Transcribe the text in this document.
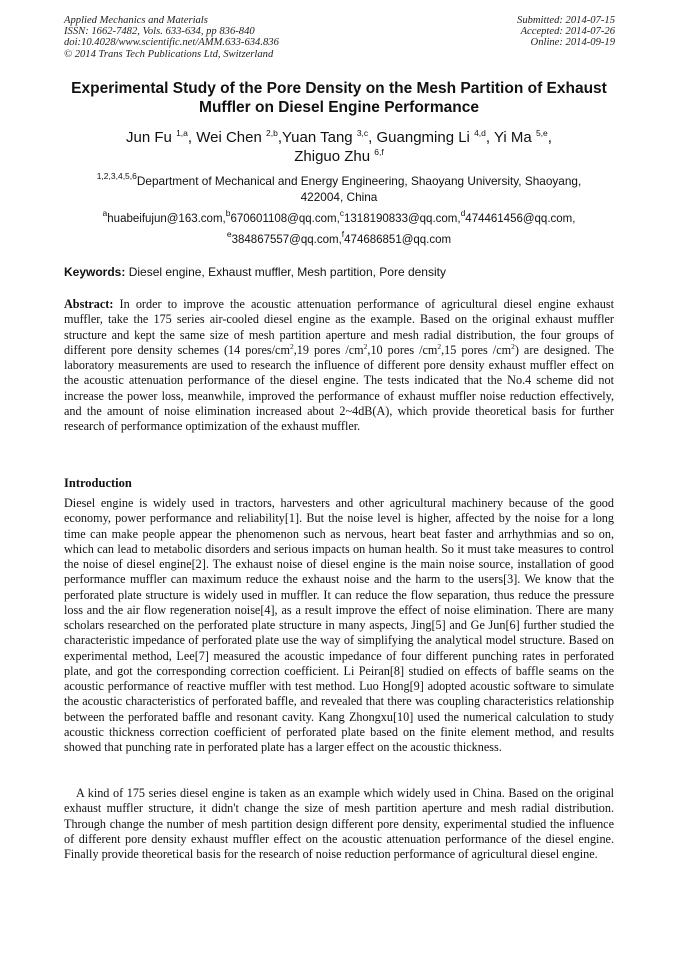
Applied Mechanics and Materials
ISSN: 1662-7482, Vols. 633-634, pp 836-840
doi:10.4028/www.scientific.net/AMM.633-634.836
© 2014 Trans Tech Publications Ltd, Switzerland
Submitted: 2014-07-15
Accepted: 2014-07-26
Online: 2014-09-19
Experimental Study of the Pore Density on the Mesh Partition of Exhaust Muffler on Diesel Engine Performance
Jun Fu $^{1,a}$, Wei Chen $^{2,b}$,Yuan Tang $^{3,c}$, Guangming Li $^{4,d}$, Yi Ma $^{5,e}$,
Zhiguo Zhu $^{6,f}$
$^{1,2,3,4,5,6}$Department of Mechanical and Energy Engineering, Shaoyang University, Shaoyang, 422004, China
$^a$huabeifujun@163.com,$^b$670601108@qq.com,$^c$1318190833@qq.com,$^d$474461456@qq.com,
$^e$384867557@qq.com,$^f$474686851@qq.com
Keywords: Diesel engine, Exhaust muffler, Mesh partition, Pore density
Abstract: In order to improve the acoustic attenuation performance of agricultural diesel engine exhaust muffler, take the 175 series air-cooled diesel engine as the example. Based on the original exhaust muffler structure and kept the same size of mesh partition aperture and mesh radial distribution, the four groups of different pore density schemes (14 pores/$cm^2,19$ pores $/cm^2,10$ pores $/cm^2,15$ pores $/cm^2$) are designed. The laboratory measurements are used to research the influence of different pore density exhaust muffler effect on the acoustic attenuation performance of the diesel engine. The tests indicated that the No.4 scheme did not increase the power loss, meanwhile, improved the performance of exhaust muffler noise reduction effectively, and the amount of noise elimination increased about 2~4dB(A), which provide theoretical basis for further research of performance optimization of the exhaust muffler.
Introduction
Diesel engine is widely used in tractors, harvesters and other agricultural machinery because of the good economy, power performance and reliability[1]. But the noise level is higher, affected by the noise for a long time can make people appear the phenomenon such as nervous, heart beat faster and arrhythmias and so on, which can lead to metabolic disorders and serious impacts on human health. So it must take measures to control the noise of diesel engine[2]. The exhaust noise of diesel engine is the main noise source, installation of good performance muffler can maximum reduce the exhaust noise and the harm to the users[3]. We know that the perforated plate structure is widely used in muffler. It can reduce the flow separation, thus reduce the pressure loss and the air flow regeneration noise[4], as a result improve the effect of noise elimination. There are many scholars researched on the perforated plate structure in many aspects, Jing[5] and Ge Jun[6] further studied the characteristic impedance of perforated plate use the way of simplifying the analytical model structure. Based on experimental method, Lee[7] measured the acoustic impedance of four different punching rates in perforated plate, and got the corresponding correction coefficient. Li Peiran[8] studied on effects of baffle seams on the acoustic performance of reactive muffler with test method. Luo Hong[9] adopted acoustic software to simulate the acoustic characteristics of perforated baffle, and revealed that there was coupling characteristics relationship between the perforated baffle and resonant cavity. Kang Zhongxu[10] used the numerical calculation to study acoustic thickness correction coefficient of perforated plate based on the finite element method, and results showed that punching rate in perforated plate has a larger effect on the acoustic thickness.
A kind of 175 series diesel engine is taken as an example which widely used in China. Based on the original exhaust muffler structure, it didn't change the size of mesh partition aperture and mesh radial distribution. Through change the number of mesh partition design different pore density, experimental studied the influence of different pore density exhaust muffler effect on the acoustic attenuation performance of the diesel engine. Finally provide theoretical basis for the research of noise reduction performance of agricultural diesel engine.
